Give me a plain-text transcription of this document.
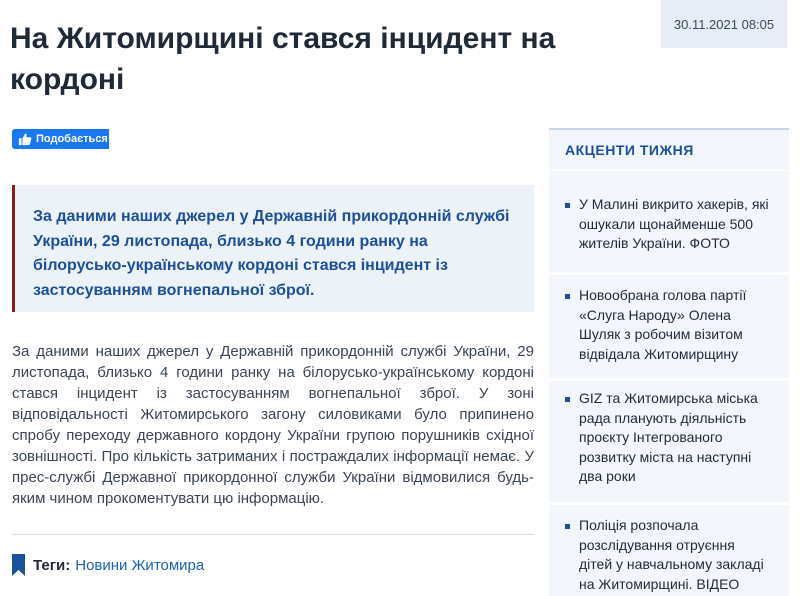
На Житомирщині стався інцидент на кордоні
30.11.2021 08:05
Подобається
За даними наших джерел у Державній прикордонній службі України, 29 листопада, близько 4 години ранку на білорусько-українському кордоні стався інцидент із застосуванням вогнепальної зброї.

За даними наших джерел у Державній прикордонній службі України, 29 листопада, близько 4 години ранку на білорусько-українському кордоні стався інцидент із застосуванням вогнепальної зброї. У зоні відповідальності Житомирського загону силовиками було припинено спробу переходу державного кордону України групою порушників східної зовнішності. Про кількість затриманих і постраждалих інформації немає. У прес-службі Державної прикордонної служби України відмовилися будь-яким чином прокоментувати цю інформацію.

Теги: Новини Житомира
АКЦЕНТИ ТИЖНЯ
У Малині викрито хакерів, які ошукали щонайменше 500 жителів України. ФОТО
Новообрана голова партії «Слуга Народу» Олена Шуляк з робочим візитом відвідала Житомирщину
GIZ та Житомирська міська рада планують діяльність проєкту Інтегрованого розвитку міста на наступні два роки
Поліція розпочала розслідування отруєння дітей у навчальному закладі на Житомирщині. ВІДЕО
